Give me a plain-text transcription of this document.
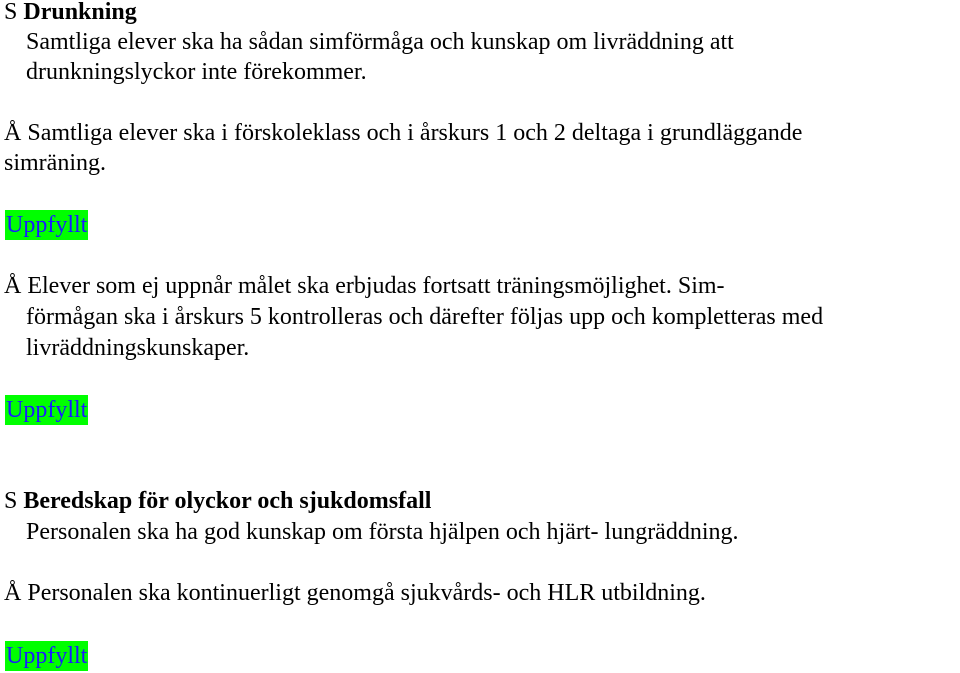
S Drunkning
Samtliga elever ska ha sådan simförmåga och kunskap om livräddning att
drunkningslyckor inte förekommer.
Å Samtliga elever ska i förskoleklass och i årskurs 1 och 2 deltaga i grundläggande
simräning.
Uppfyllt
Å Elever som ej uppnår målet ska erbjudas fortsatt träningsmöjlighet. Sim-
förmågan ska i årskurs 5 kontrolleras och därefter följas upp och kompletteras med
livräddningskunskaper.
Uppfyllt
S Beredskap för olyckor och sjukdomsfall
Personalen ska ha god kunskap om första hjälpen och hjärt- lungräddning.
Å Personalen ska kontinuerligt genomgå sjukvårds- och HLR utbildning.
Uppfyllt
